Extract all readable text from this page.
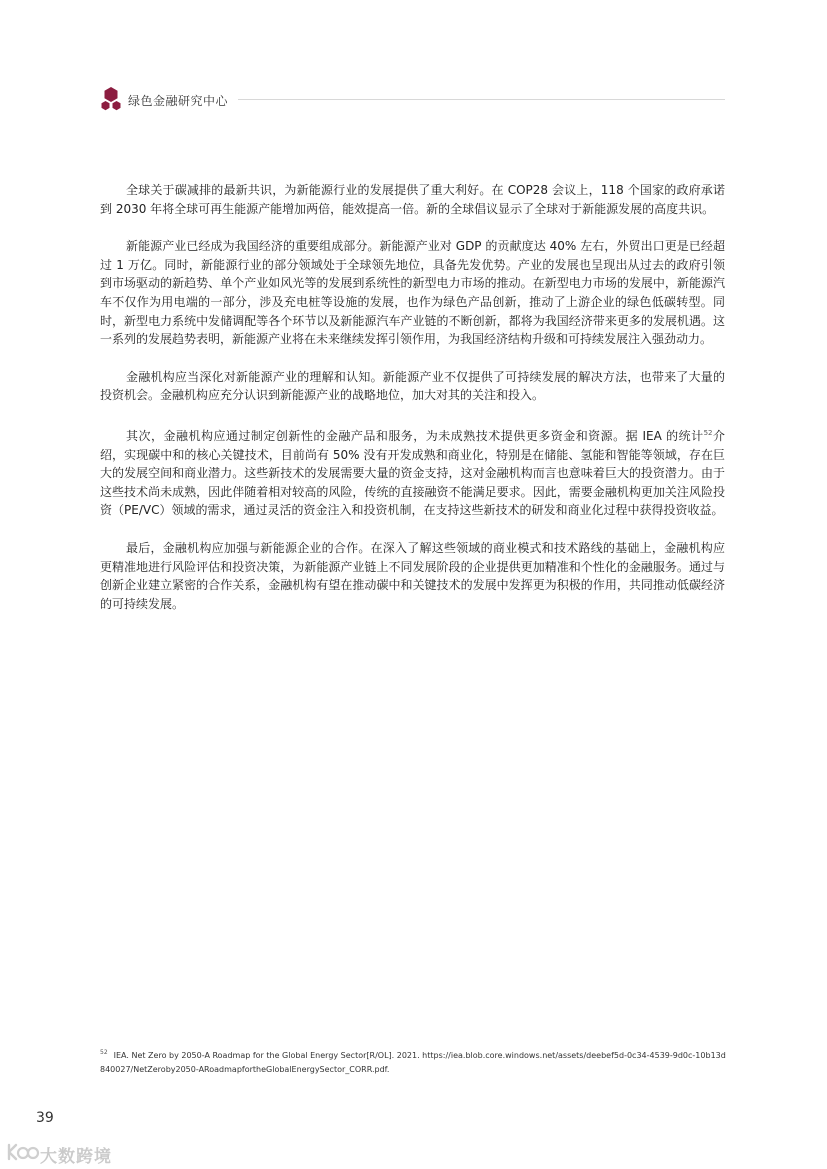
绿色金融研究中心

全球关于碳减排的最新共识，为新能源行业的发展提供了重大利好。在 COP28 会议上，118 个国家的政府承诺到 2030 年将全球可再生能源产能增加两倍，能效提高一倍。新的全球倡议显示了全球对于新能源发展的高度共识。

新能源产业已经成为我国经济的重要组成部分。新能源产业对 GDP 的贡献度达 40% 左右，外贸出口更是已经超过 1 万亿。同时，新能源行业的部分领域处于全球领先地位，具备先发优势。产业的发展也呈现出从过去的政府引领到市场驱动的新趋势、单个产业如风光等的发展到系统性的新型电力市场的推动。在新型电力市场的发展中，新能源汽车不仅作为用电端的一部分，涉及充电桩等设施的发展，也作为绿色产品创新，推动了上游企业的绿色低碳转型。同时，新型电力系统中发储调配等各个环节以及新能源汽车产业链的不断创新，都将为我国经济带来更多的发展机遇。这一系列的发展趋势表明，新能源产业将在未来继续发挥引领作用，为我国经济结构升级和可持续发展注入强劲动力。

金融机构应当深化对新能源产业的理解和认知。新能源产业不仅提供了可持续发展的解决方法，也带来了大量的投资机会。金融机构应充分认识到新能源产业的战略地位，加大对其的关注和投入。

其次，金融机构应通过制定创新性的金融产品和服务，为未成熟技术提供更多资金和资源。据 IEA 的统计$^{52}$介绍，实现碳中和的核心关键技术，目前尚有 50% 没有开发成熟和商业化，特别是在储能、氢能和智能等领域，存在巨大的发展空间和商业潜力。这些新技术的发展需要大量的资金支持，这对金融机构而言也意味着巨大的投资潜力。由于这些技术尚未成熟，因此伴随着相对较高的风险，传统的直接融资不能满足要求。因此，需要金融机构更加关注风险投资（PE/VC）领域的需求，通过灵活的资金注入和投资机制，在支持这些新技术的研发和商业化过程中获得投资收益。

最后，金融机构应加强与新能源企业的合作。在深入了解这些领域的商业模式和技术路线的基础上，金融机构应更精准地进行风险评估和投资决策，为新能源产业链上不同发展阶段的企业提供更加精准和个性化的金融服务。通过与创新企业建立紧密的合作关系，金融机构有望在推动碳中和关键技术的发展中发挥更为积极的作用，共同推动低碳经济的可持续发展。

$^{52}$ IEA. Net Zero by 2050-A Roadmap for the Global Energy Sector[R/OL]. 2021. https://iea.blob.core.windows.net/assets/deebef5d-0c34-4539-9d0c-10b13d840027/NetZeroby2050-ARoadmapfortheGlobalEnergySector_CORR.pdf.
39
大数跨境
